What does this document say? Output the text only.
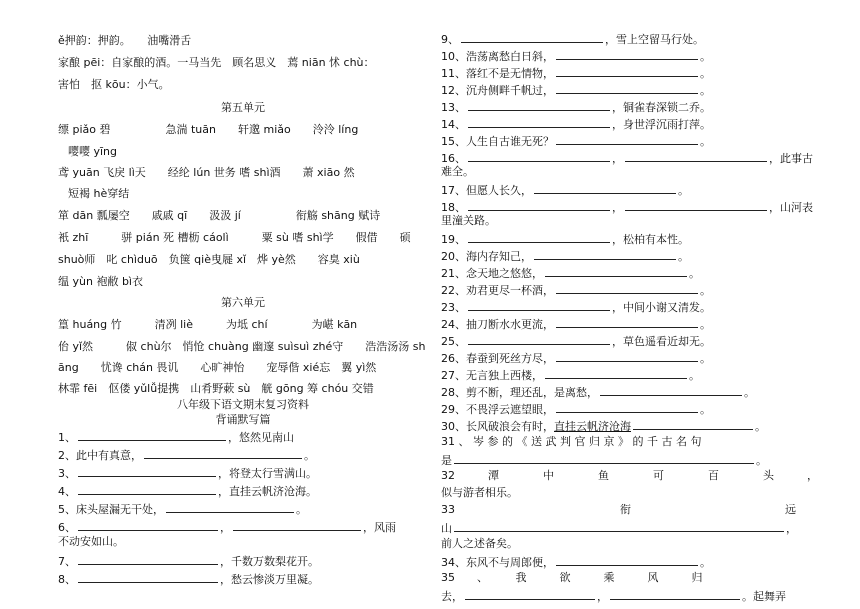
ě押韵：押韵。　　油嘴滑舌
家酿 pēi：自家酿的酒。一马当先　顾名思义　蔫 niān 怵 chù：
害怕　抠 kōu：小气。
第五单元
缥 piǎo 碧　　　　　急湍 tuān　　轩邈 miǎo　　泠泠 líng
嘤嘤 yīng
鸢 yuān 飞戾 lì天　　经纶 lún 世务 嗜 shì酒　　萧 xiāo 然
短褐 hè穿结
箪 dān 瓢屡空　　戚戚 qī　　汲汲 jí　　　　　衔觞 shāng 赋诗
衹 zhī　　　骈 pián 死 槽枥 cáolì　　　粟 sù 嗜 shì学　　假借　　硕
shuò师　叱 chìduō　负箧 qiè曳屣 xǐ　烨 yè然　　容臭 xiù
缊 yùn 袍敝 bì衣
第六单元
篁 huáng 竹　　　清冽 liè　　　为坻 chí　　　　为嵁 kān
佁 yǐ然　　　俶 chù尔　悄怆 chuàng 幽邃 suìsuì zhé守　　浩浩汤汤 sh
āng　　忧谗 chán 畏讥　　心旷神怡　　宠辱偕 xié忘　翼 yì然
林霏 fēi　伛偻 yǔlǚ提携　山肴野蔌 sù　觥 gōng 筹 chóu 交错
八年级下语文期末复习资料
背诵默写篇
1、	，悠然见南山
2、此中有真意，	。
3、	，将登太行雪满山。
4、	，直挂云帆济沧海。
5、床头屋漏无干处，	。
6、	，	，风雨
不动安如山。
7、	，千数万数梨花开。
8、	，愁云惨淡万里凝。
9、	，雪上空留马行处。
10、浩荡离愁白日斜，	。
11、落红不是无情物，	。
12、沉舟侧畔千帆过，	。
13、	，铜雀春深锁二乔。
14、	，身世浮沉雨打萍。
15、人生自古谁无死？	。
16、	，	，此事古
难全。
17、但愿人长久，	。
18、	，	，山河表
里潼关路。
19、	，松柏有本性。
20、海内存知己，	。
21、念天地之悠悠，	。
22、劝君更尽一杯酒，	。
23、	，中间小谢又清发。
24、抽刀断水水更流，	。
25、	，草色遥看近却无。
26、春蚕到死丝方尽，	。
27、无言独上西楼，	。
28、剪不断，理还乱，是离愁，	。
29、不畏浮云遮望眼，	。
30、长风破浪会有时，直挂云帆济沧海	。
31 、 岑 参 的 《 送 武 判 官 归 京 》 的 千 古 名 句
是	。
32　　　潭　　　　中　　　　鱼　　　　可　　　　百　　　　头　　　，
似与游者相乐。
33　　　　　　　　　　　　　　　衔　　　　　　　　　　　　　　远
山	，
前人之述备矣。
34、东风不与周郎便，	。
35　　、　　　我　　　欲　　　乘　　　风　　　归
去，	，	。起舞弄
